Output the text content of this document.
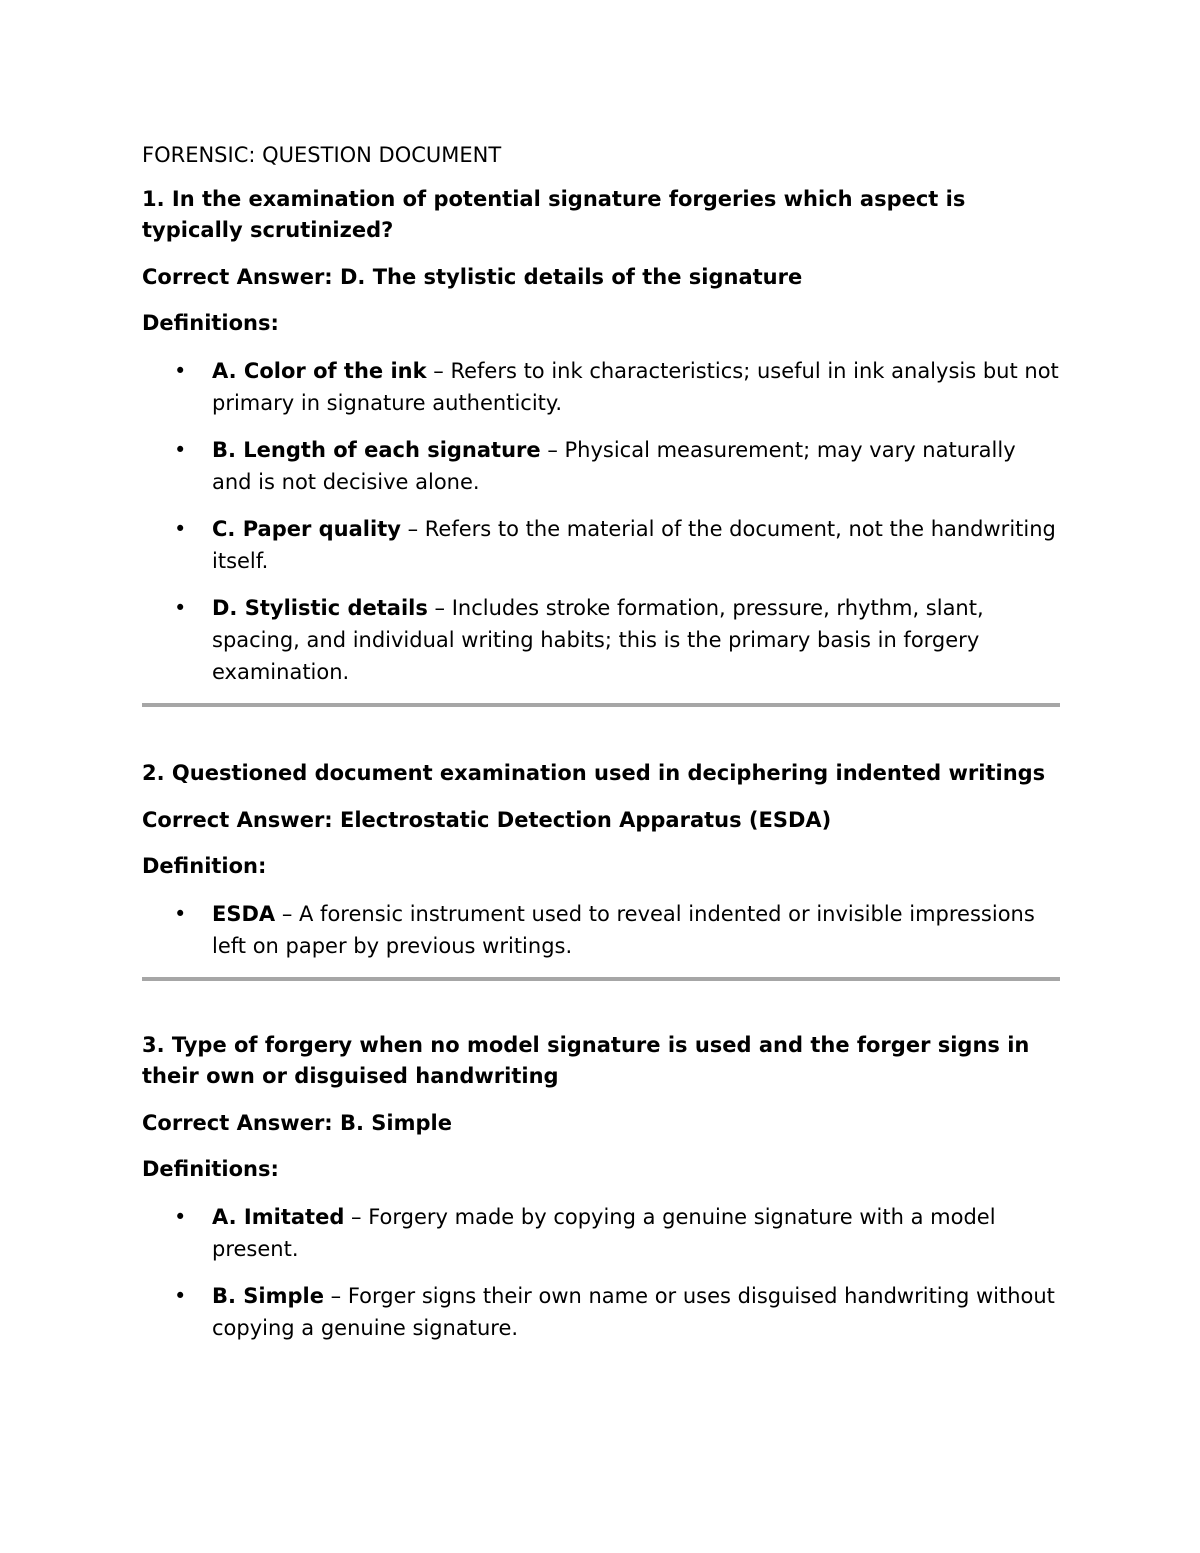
FORENSIC: QUESTION DOCUMENT
1. In the examination of potential signature forgeries which aspect is typically scrutinized?
Correct Answer: D. The stylistic details of the signature
Definitions:
• A. Color of the ink – Refers to ink characteristics; useful in ink analysis but not primary in signature authenticity.
• B. Length of each signature – Physical measurement; may vary naturally and is not decisive alone.
• C. Paper quality – Refers to the material of the document, not the handwriting itself.
• D. Stylistic details – Includes stroke formation, pressure, rhythm, slant, spacing, and individual writing habits; this is the primary basis in forgery examination.
2. Questioned document examination used in deciphering indented writings
Correct Answer: Electrostatic Detection Apparatus (ESDA)
Definition:
• ESDA – A forensic instrument used to reveal indented or invisible impressions left on paper by previous writings.
3. Type of forgery when no model signature is used and the forger signs in their own or disguised handwriting
Correct Answer: B. Simple
Definitions:
• A. Imitated – Forgery made by copying a genuine signature with a model present.
• B. Simple – Forger signs their own name or uses disguised handwriting without copying a genuine signature.
